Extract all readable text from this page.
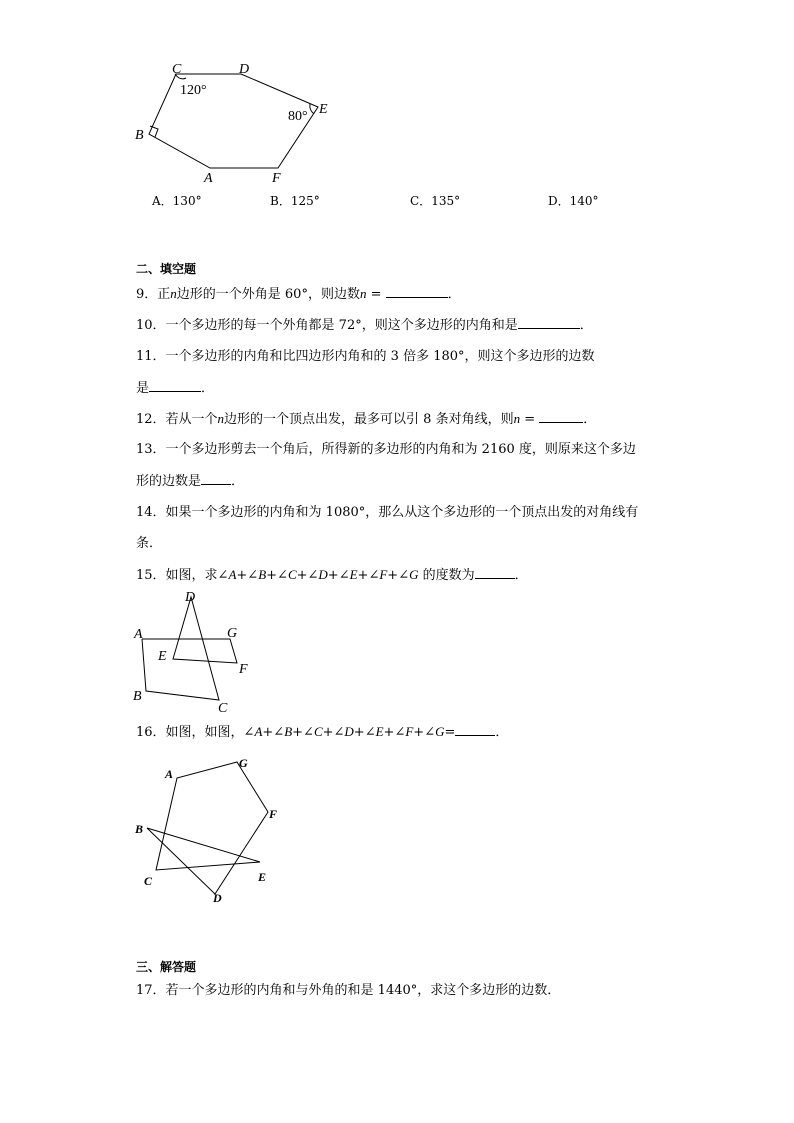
C	D
E
B
A	F
120°
80°
A．130°	B．125°	C．135°	D．140°
二、填空题
9．正n边形的一个外角是 60°，则边数n =	．
10．一个多边形的每一个外角都是 72°，则这个多边形的内角和是	．
11．一个多边形的内角和比四边形内角和的 3 倍多 180°，则这个多边形的边数
是	．
12．若从一个n边形的一个顶点出发，最多可以引 8 条对角线，则n =	．
13．一个多边形剪去一个角后，所得新的多边形的内角和为 2160 度，则原来这个多边
形的边数是 ．
14．如果一个多边形的内角和为 1080°，那么从这个多边形的一个顶点出发的对角线有
条．
15．如图，求∠A+∠B+∠C+∠D+∠E+∠F+∠G 的度数为	．
D
A	G
E
F
B
C
16．如图，如图，∠A+∠B+∠C+∠D+∠E+∠F+∠G=	．
A
G
B
F
C	E
D
三、解答题
17．若一个多边形的内角和与外角的和是 1440°，求这个多边形的边数．
